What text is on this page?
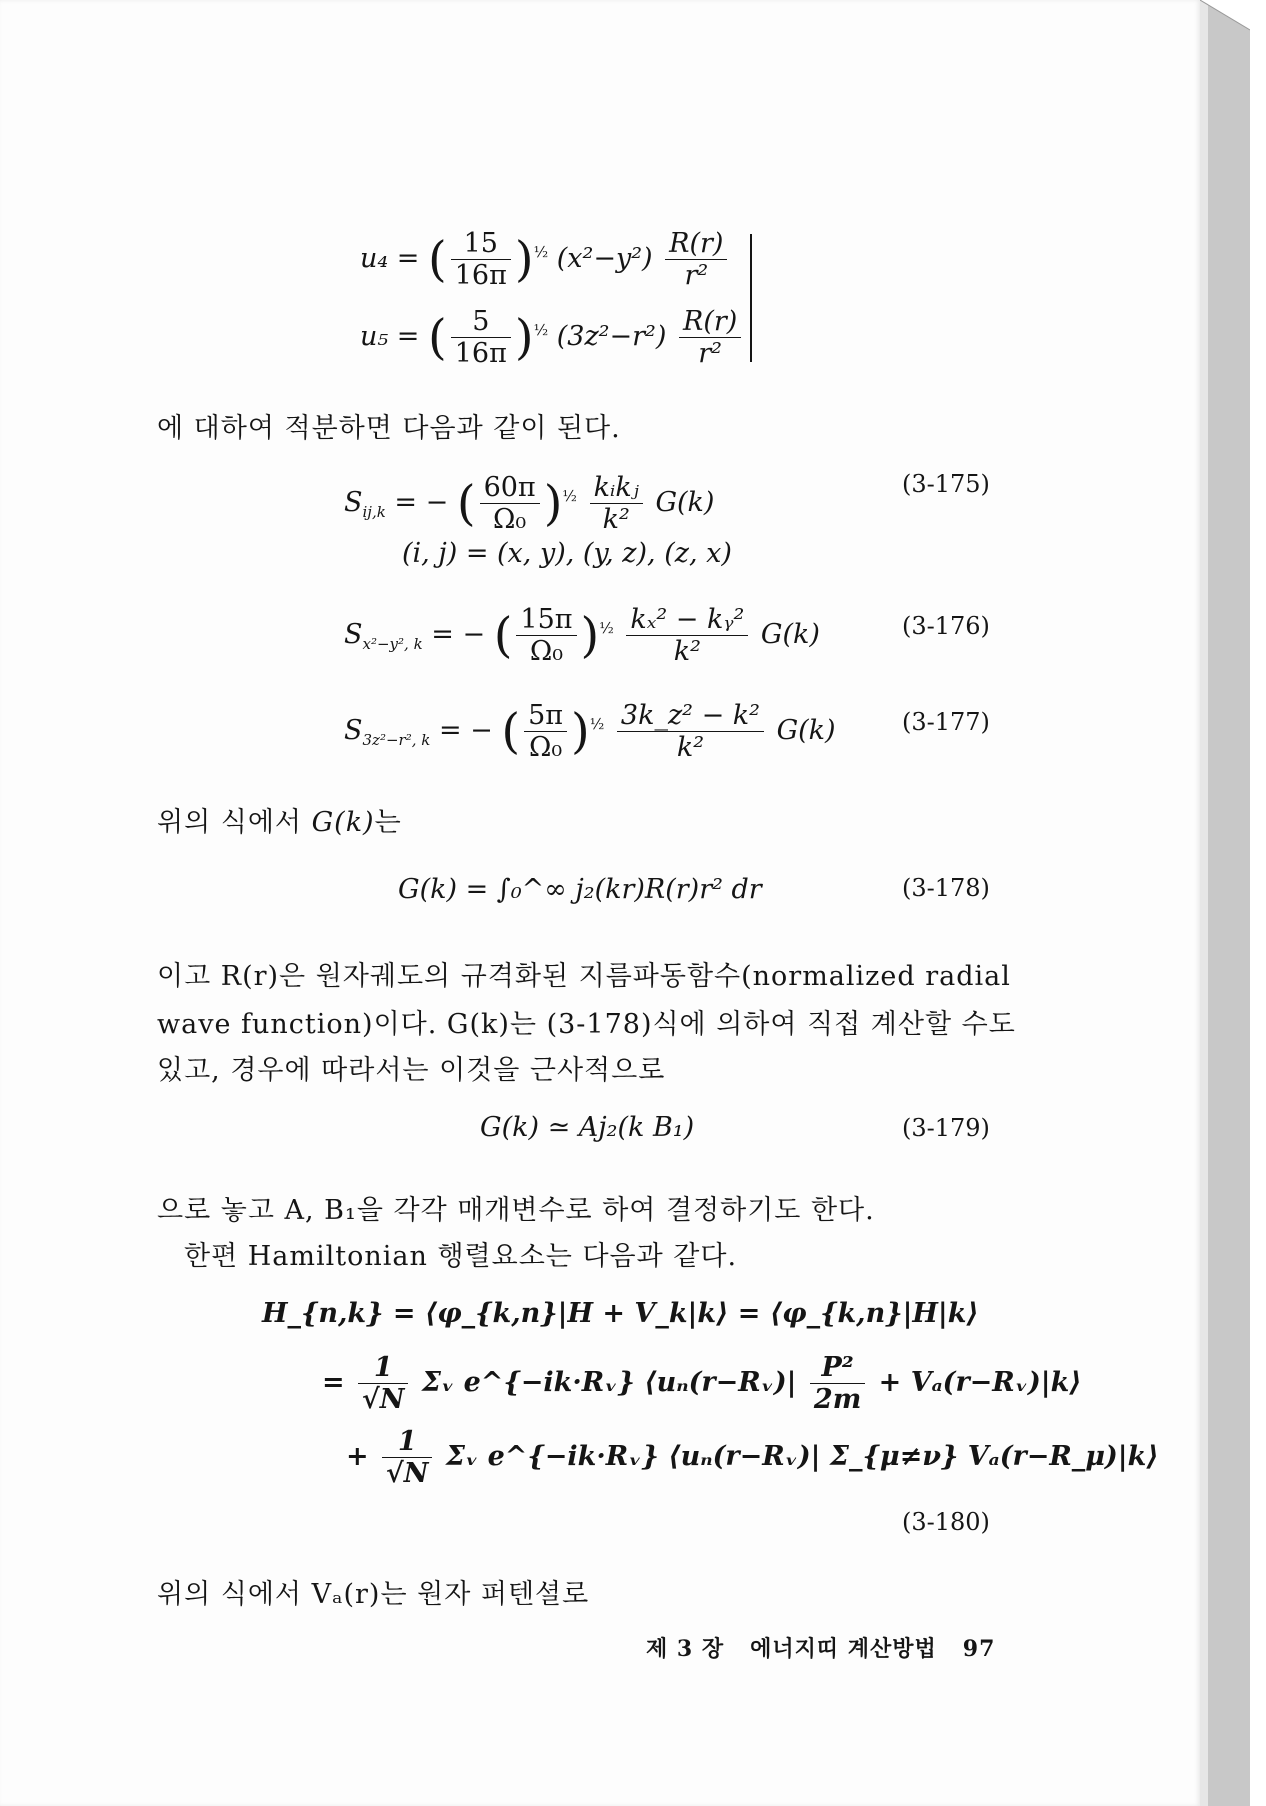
u₄ = ( $\frac{15}{16\pi} )^{\frac{1}{2}}$ $(x^2-y^2) \frac{R(r)}{\text{r²}}$
u₅ = ( $\frac{5}{16\pi} )^{\frac{1}{2}}$ $(3z^2-r^2) \frac{R(r)}{\text{r²}}$
에 대하여 적분하면 다음과 같이 된다.
$S_{ij,k}$ = − ( $\frac{60\pi}{\text{Ω₀}} )^{\frac{1}{2}} \frac{\text{kᵢkⱼ}}{\text{k²}} G(k)$
(3-175)
(i, j) = (x, y), (y, z), (z, x)
$S_{x^2-y^2, k}$ = − ( $\frac{15\pi}{\text{Ω₀}} )^{\frac{1}{2}} \frac{\text{kₓ² − kᵧ²}}{\text{k²}} G(k)$	(3-176)
$S_{3z^2-r^2, k}$ = − ( $\frac{5\pi}{\text{Ω₀}} )^{\frac{1}{2}} \frac{\text{3k\_z² − k²}}{\text{k²}} G(k)$	(3-177)
위의 식에서 G(k)는
G(k) = ∫₀^∞ j₂(kr)R(r)r² dr	(3-178)
이고 R(r)은 원자궤도의 규격화된 지름파동함수(normalized radial
wave function)이다. G(k)는 (3-178)식에 의하여 직접 계산할 수도
있고, 경우에 따라서는 이것을 근사적으로
G(k) ≃ Aj₂(k B₁)	(3-179)
으로 놓고 A, B₁을 각각 매개변수로 하여 결정하기도 한다.
한편 Hamiltonian 행렬요소는 다음과 같다.
H_{n,k} = ⟨φ_{k,n}|H + V_k|k⟩ = ⟨φ_{k,n}|H|k⟩
= $\frac{1}{√N}$ Σᵥ e^{−ik·Rᵥ} ⟨uₙ(r−Rᵥ)| $\frac{\text{P²}}{2m}$ + Vₐ(r−Rᵥ)|k⟩
+ $\frac{1}{√N}$ Σᵥ e^{−ik·Rᵥ} ⟨uₙ(r−Rᵥ)| Σ_{μ≠ν} Vₐ(r−R_μ)|k⟩
(3-180)
위의 식에서 Vₐ(r)는 원자 퍼텐셜로
제 3 장 에너지띠 계산방법 97
